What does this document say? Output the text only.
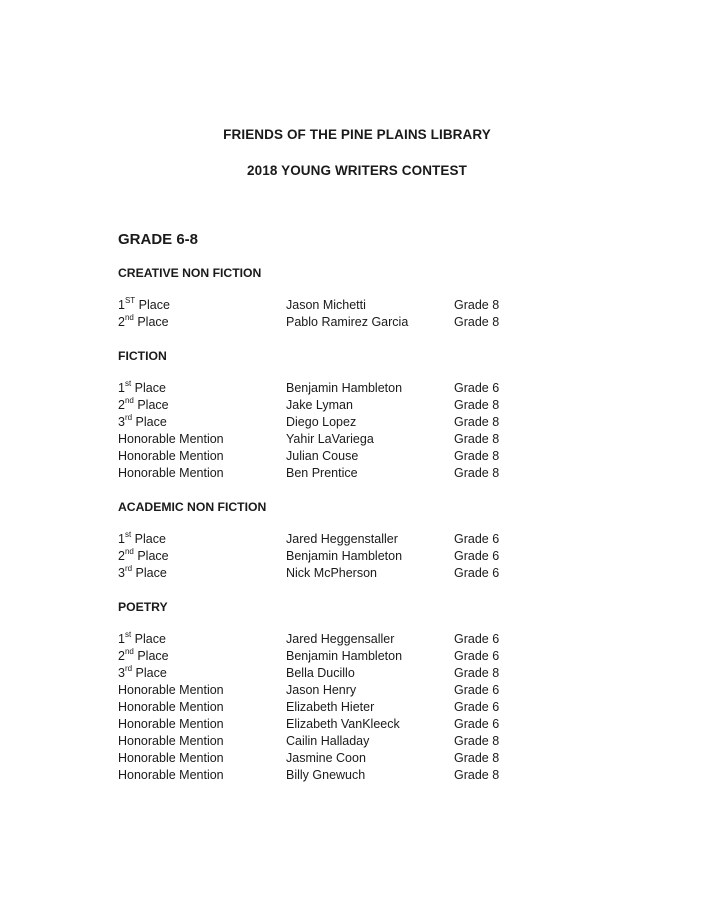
FRIENDS OF THE PINE PLAINS LIBRARY
2018 YOUNG WRITERS CONTEST
GRADE 6-8
CREATIVE NON FICTION
1ST Place	Jason Michetti	Grade 8
2nd Place	Pablo Ramirez Garcia	Grade 8
FICTION
1st Place	Benjamin Hambleton	Grade 6
2nd Place	Jake Lyman	Grade 8
3rd Place	Diego Lopez	Grade 8
Honorable Mention	Yahir LaVariega	Grade 8
Honorable Mention	Julian Couse	Grade 8
Honorable Mention	Ben Prentice	Grade 8
ACADEMIC NON FICTION
1st Place	Jared Heggenstaller	Grade 6
2nd Place	Benjamin Hambleton	Grade 6
3rd Place	Nick McPherson	Grade 6
POETRY
1st Place	Jared Heggensaller	Grade 6
2nd Place	Benjamin Hambleton	Grade 6
3rd Place	Bella Ducillo	Grade 8
Honorable Mention	Jason Henry	Grade 6
Honorable Mention	Elizabeth Hieter	Grade 6
Honorable Mention	Elizabeth VanKleeck	Grade 6
Honorable Mention	Cailin Halladay	Grade 8
Honorable Mention	Jasmine Coon	Grade 8
Honorable Mention	Billy Gnewuch	Grade 8
